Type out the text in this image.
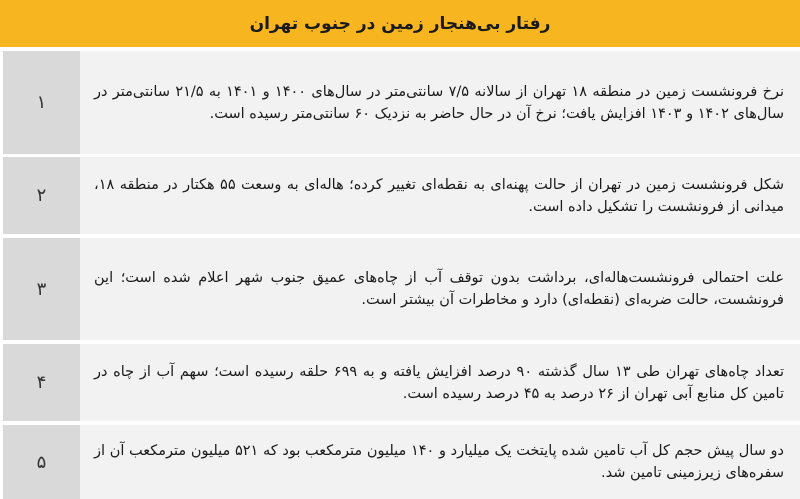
رفتار بی‌هنجار زمین در جنوب تهران
نرخ فرونشست زمین در منطقه ۱۸ تهران از سالانه ۷/۵ سانتی‌متر در سال‌های ۱۴۰۰ و ۱۴۰۱ به ۲۱/۵ سانتی‌متر در سال‌های ۱۴۰۲ و ۱۴۰۳ افزایش یافت؛ نرخ آن در حال حاضر به نزدیک ۶۰ سانتی‌متر رسیده است.
۱
شکل فرونشست زمین در تهران از حالت پهنه‌ای به نقطه‌ای تغییر کرده؛ هاله‌ای به وسعت ۵۵ هکتار در منطقه ۱۸، میدانی از فرونشست را تشکیل داده است.
۲
علت احتمالی فرونشست‌هاله‌ای، برداشت بدون توقف آب از چاه‌های عمیق جنوب شهر اعلام شده است؛ این فرونشست، حالت ضربه‌ای (نقطه‌ای) دارد و مخاطرات آن بیشتر است.
۳
تعداد چاه‌های تهران طی ۱۳ سال گذشته ۹۰ درصد افزایش یافته و به ۶۹۹ حلقه رسیده است؛ سهم آب از چاه در تامین کل منابع آبی تهران از ۲۶ درصد به ۴۵ درصد رسیده است.
۴
دو سال پیش حجم کل آب تامین شده پایتخت یک میلیارد و ۱۴۰ میلیون مترمکعب بود که ۵۲۱ میلیون مترمکعب آن از سفره‌های زیرزمینی تامین شد.
۵
